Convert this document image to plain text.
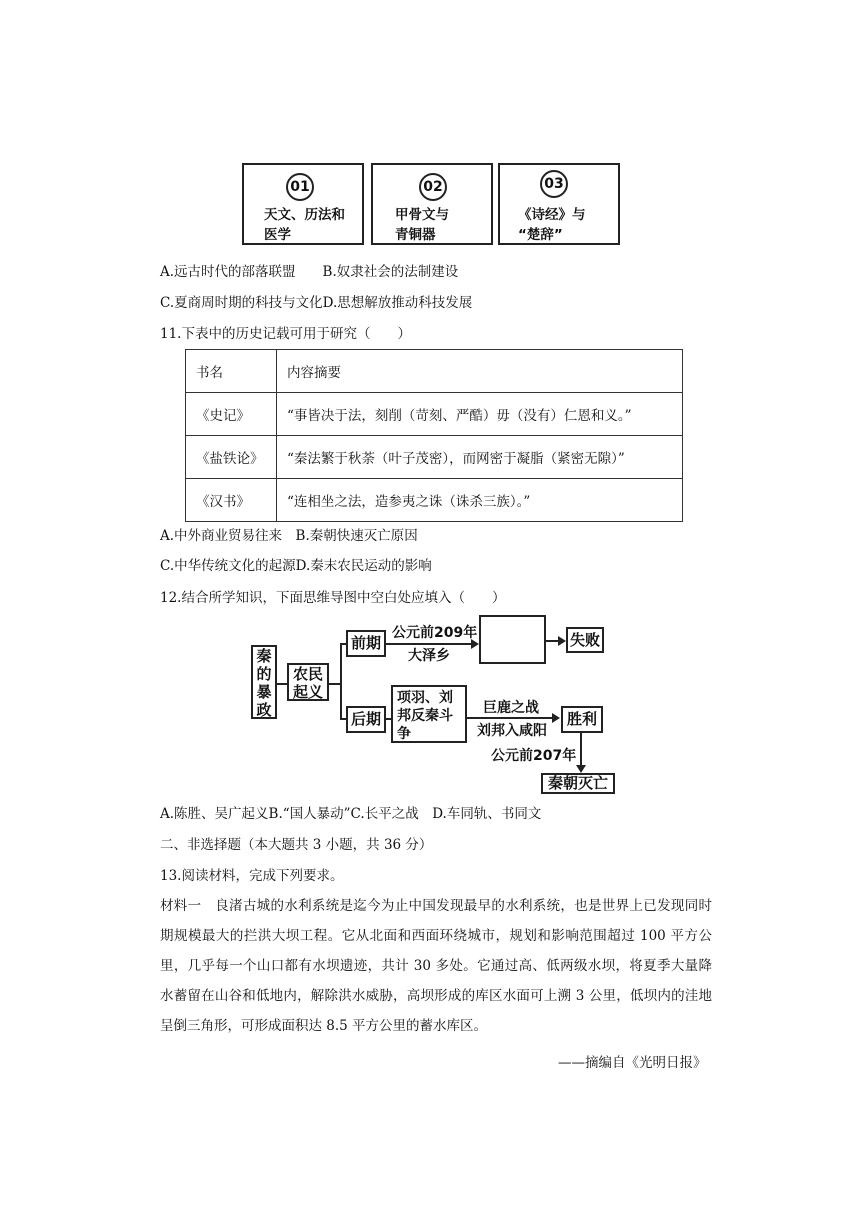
01
天文、历法和
医学
02
甲骨文与
青铜器
03
《诗经》与
“楚辞”
A.远古时代的部落联盟　　B.奴隶社会的法制建设
C.夏商周时期的科技与文化D.思想解放推动科技发展
11.下表中的历史记载可用于研究（　　）
书名	内容摘要
《史记》	“事皆决于法，刻削（苛刻、严酷）毋（没有）仁恩和义。”
《盐铁论》	“秦法繁于秋荼（叶子茂密），而网密于凝脂（紧密无隙）”
《汉书》	“连相坐之法，造参夷之诛（诛杀三族）。”
A.中外商业贸易往来　B.秦朝快速灭亡原因
C.中华传统文化的起源D.秦末农民运动的影响
12.结合所学知识，下面思维导图中空白处应填入（　　）
秦的暴政
农民起义
前期
公元前209年
大泽乡
失败
后期
项羽、刘邦反秦斗争
巨鹿之战
刘邦入咸阳
胜利
公元前207年
秦朝灭亡
A.陈胜、吴广起义B.“国人暴动”C.长平之战　D.车同轨、书同文
二、非选择题（本大题共 3 小题，共 36 分）
13.阅读材料，完成下列要求。
材料一　良渚古城的水利系统是迄今为止中国发现最早的水利系统，也是世界上已发现同时期规模最大的拦洪大坝工程。它从北面和西面环绕城市，规划和影响范围超过 100 平方公里，几乎每一个山口都有水坝遗迹，共计 30 多处。它通过高、低两级水坝，将夏季大量降水蓄留在山谷和低地内，解除洪水威胁，高坝形成的库区水面可上溯 3 公里，低坝内的洼地呈倒三角形，可形成面积达 8.5 平方公里的蓄水库区。
——摘编自《光明日报》
